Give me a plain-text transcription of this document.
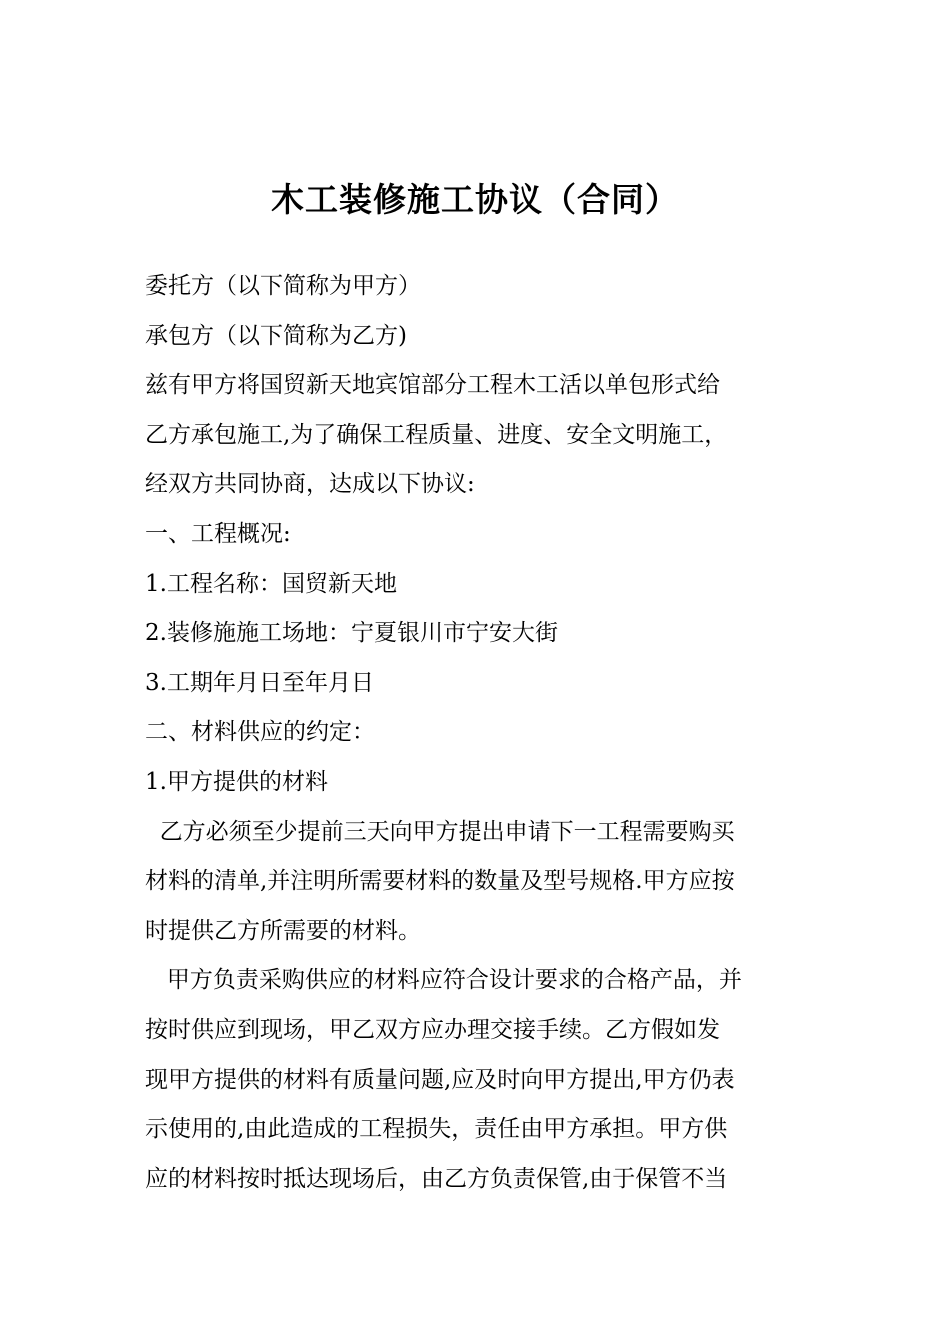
木工装修施工协议（合同）

委托方（以下简称为甲方）

承包方（以下简称为乙方)

兹有甲方将国贸新天地宾馆部分工程木工活以单包形式给

乙方承包施工,为了确保工程质量、进度、安全文明施工，

经双方共同协商，达成以下协议:

一、工程概况:

1.工程名称：国贸新天地

2.装修施施工场地：宁夏银川市宁安大街

3.工期年月日至年月日

二、材料供应的约定：

1.甲方提供的材料

乙方必须至少提前三天向甲方提出申请下一工程需要购买

材料的清单,并注明所需要材料的数量及型号规格.甲方应按

时提供乙方所需要的材料。

甲方负责采购供应的材料应符合设计要求的合格产品，并

按时供应到现场，甲乙双方应办理交接手续。乙方假如发

现甲方提供的材料有质量问题,应及时向甲方提出,甲方仍表

示使用的,由此造成的工程损失，责任由甲方承担。甲方供

应的材料按时抵达现场后，由乙方负责保管,由于保管不当
